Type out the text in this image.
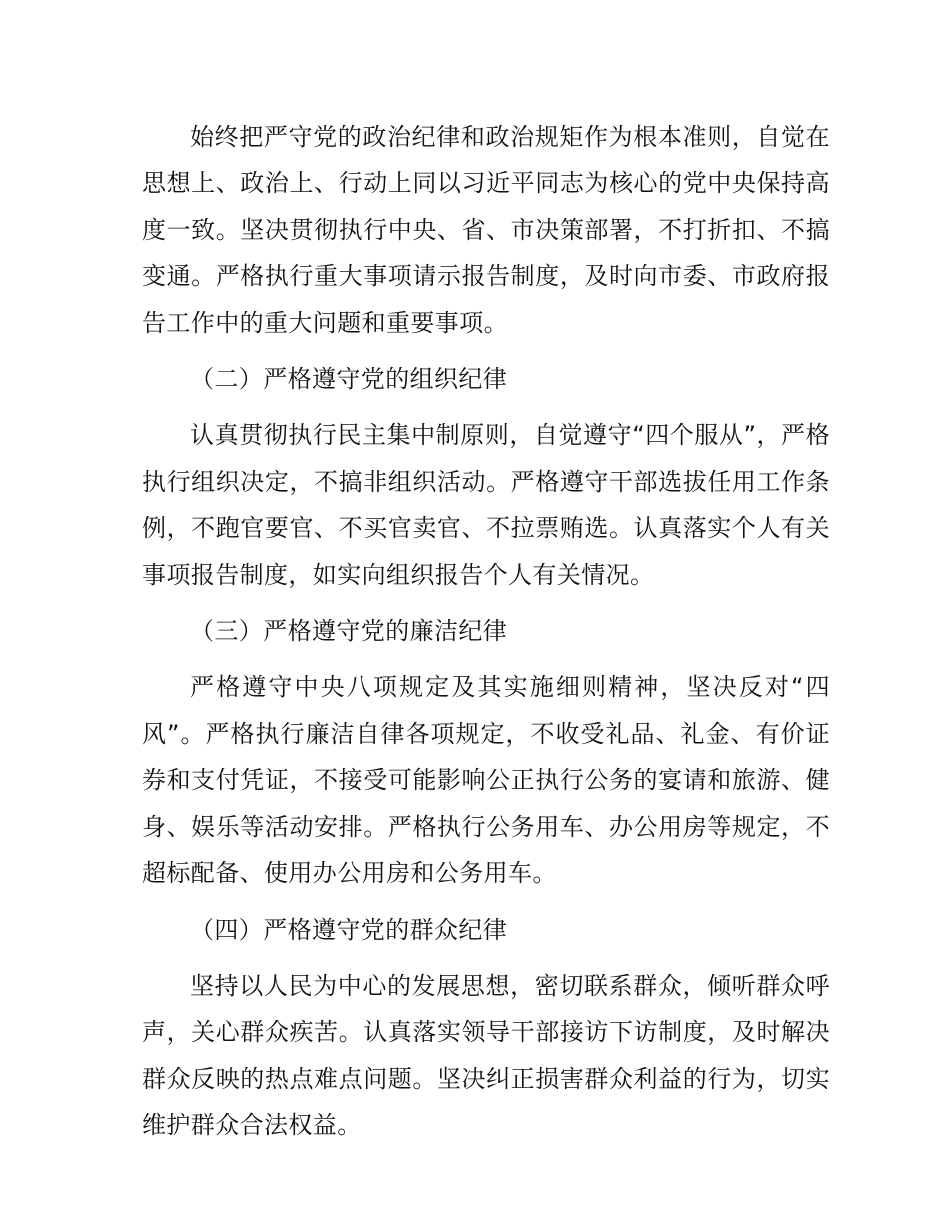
始终把严守党的政治纪律和政治规矩作为根本准则，自觉在思想上、政治上、行动上同以习近平同志为核心的党中央保持高度一致。坚决贯彻执行中央、省、市决策部署，不打折扣、不搞变通。严格执行重大事项请示报告制度，及时向市委、市政府报告工作中的重大问题和重要事项。

（二）严格遵守党的组织纪律

认真贯彻执行民主集中制原则，自觉遵守“四个服从”，严格执行组织决定，不搞非组织活动。严格遵守干部选拔任用工作条例，不跑官要官、不买官卖官、不拉票贿选。认真落实个人有关事项报告制度，如实向组织报告个人有关情况。

（三）严格遵守党的廉洁纪律

严格遵守中央八项规定及其实施细则精神，坚决反对“四风”。严格执行廉洁自律各项规定，不收受礼品、礼金、有价证券和支付凭证，不接受可能影响公正执行公务的宴请和旅游、健身、娱乐等活动安排。严格执行公务用车、办公用房等规定，不超标配备、使用办公用房和公务用车。

（四）严格遵守党的群众纪律

坚持以人民为中心的发展思想，密切联系群众，倾听群众呼声，关心群众疾苦。认真落实领导干部接访下访制度，及时解决群众反映的热点难点问题。坚决纠正损害群众利益的行为，切实维护群众合法权益。
